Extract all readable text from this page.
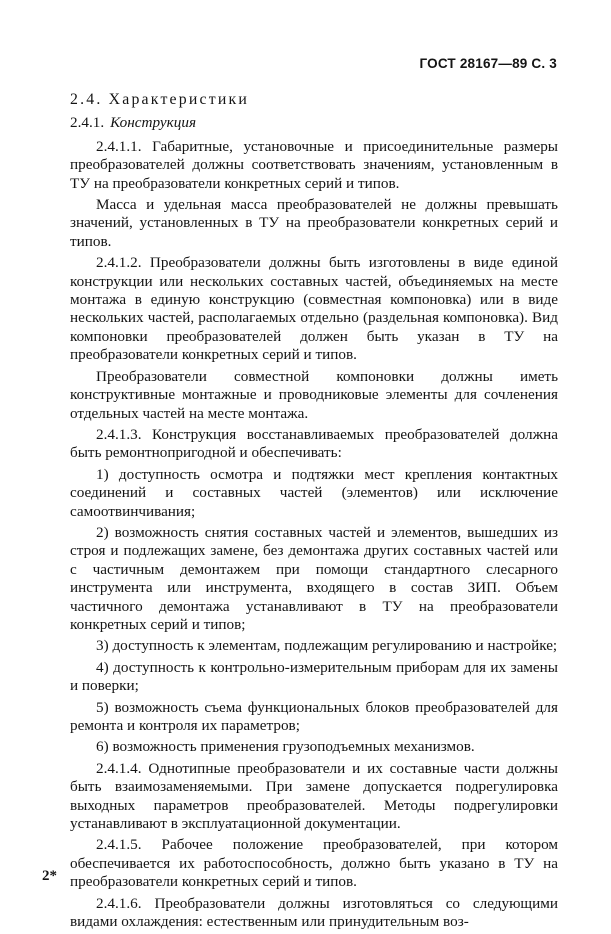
ГОСТ 28167—89 С. 3
2.4. Характеристики
2.4.1. Конструкция

2.4.1.1. Габаритные, установочные и присоединительные размеры преобразователей должны соответствовать значениям, установленным в ТУ на преобразователи конкретных серий и типов.

Масса и удельная масса преобразователей не должны превышать значений, установленных в ТУ на преобразователи конкретных серий и типов.

2.4.1.2. Преобразователи должны быть изготовлены в виде единой конструкции или нескольких составных частей, объединяемых на месте монтажа в единую конструкцию (совместная компоновка) или в виде нескольких частей, располагаемых отдельно (раздельная компоновка). Вид компоновки преобразователей должен быть указан в ТУ на преобразователи конкретных серий и типов.

Преобразователи совместной компоновки должны иметь конструктивные монтажные и проводниковые элементы для сочленения отдельных частей на месте монтажа.

2.4.1.3. Конструкция восстанавливаемых преобразователей должна быть ремонтнопригодной и обеспечивать:

1) доступность осмотра и подтяжки мест крепления контактных соединений и составных частей (элементов) или исключение самоотвинчивания;

2) возможность снятия составных частей и элементов, вышедших из строя и подлежащих замене, без демонтажа других составных частей или с частичным демонтажем при помощи стандартного слесарного инструмента или инструмента, входящего в состав ЗИП. Объем частичного демонтажа устанавливают в ТУ на преобразователи конкретных серий и типов;

3) доступность к элементам, подлежащим регулированию и настройке;

4) доступность к контрольно-измерительным приборам для их замены и поверки;

5) возможность съема функциональных блоков преобразователей для ремонта и контроля их параметров;

6) возможность применения грузоподъемных механизмов.

2.4.1.4. Однотипные преобразователи и их составные части должны быть взаимозаменяемыми. При замене допускается подрегулировка выходных параметров преобразователей. Методы подрегулировки устанавливают в эксплуатационной документации.

2.4.1.5. Рабочее положение преобразователей, при котором обеспечивается их работоспособность, должно быть указано в ТУ на преобразователи конкретных серий и типов.

2.4.1.6. Преобразователи должны изготовляться со следующими видами охлаждения: естественным или принудительным воз-

2*
